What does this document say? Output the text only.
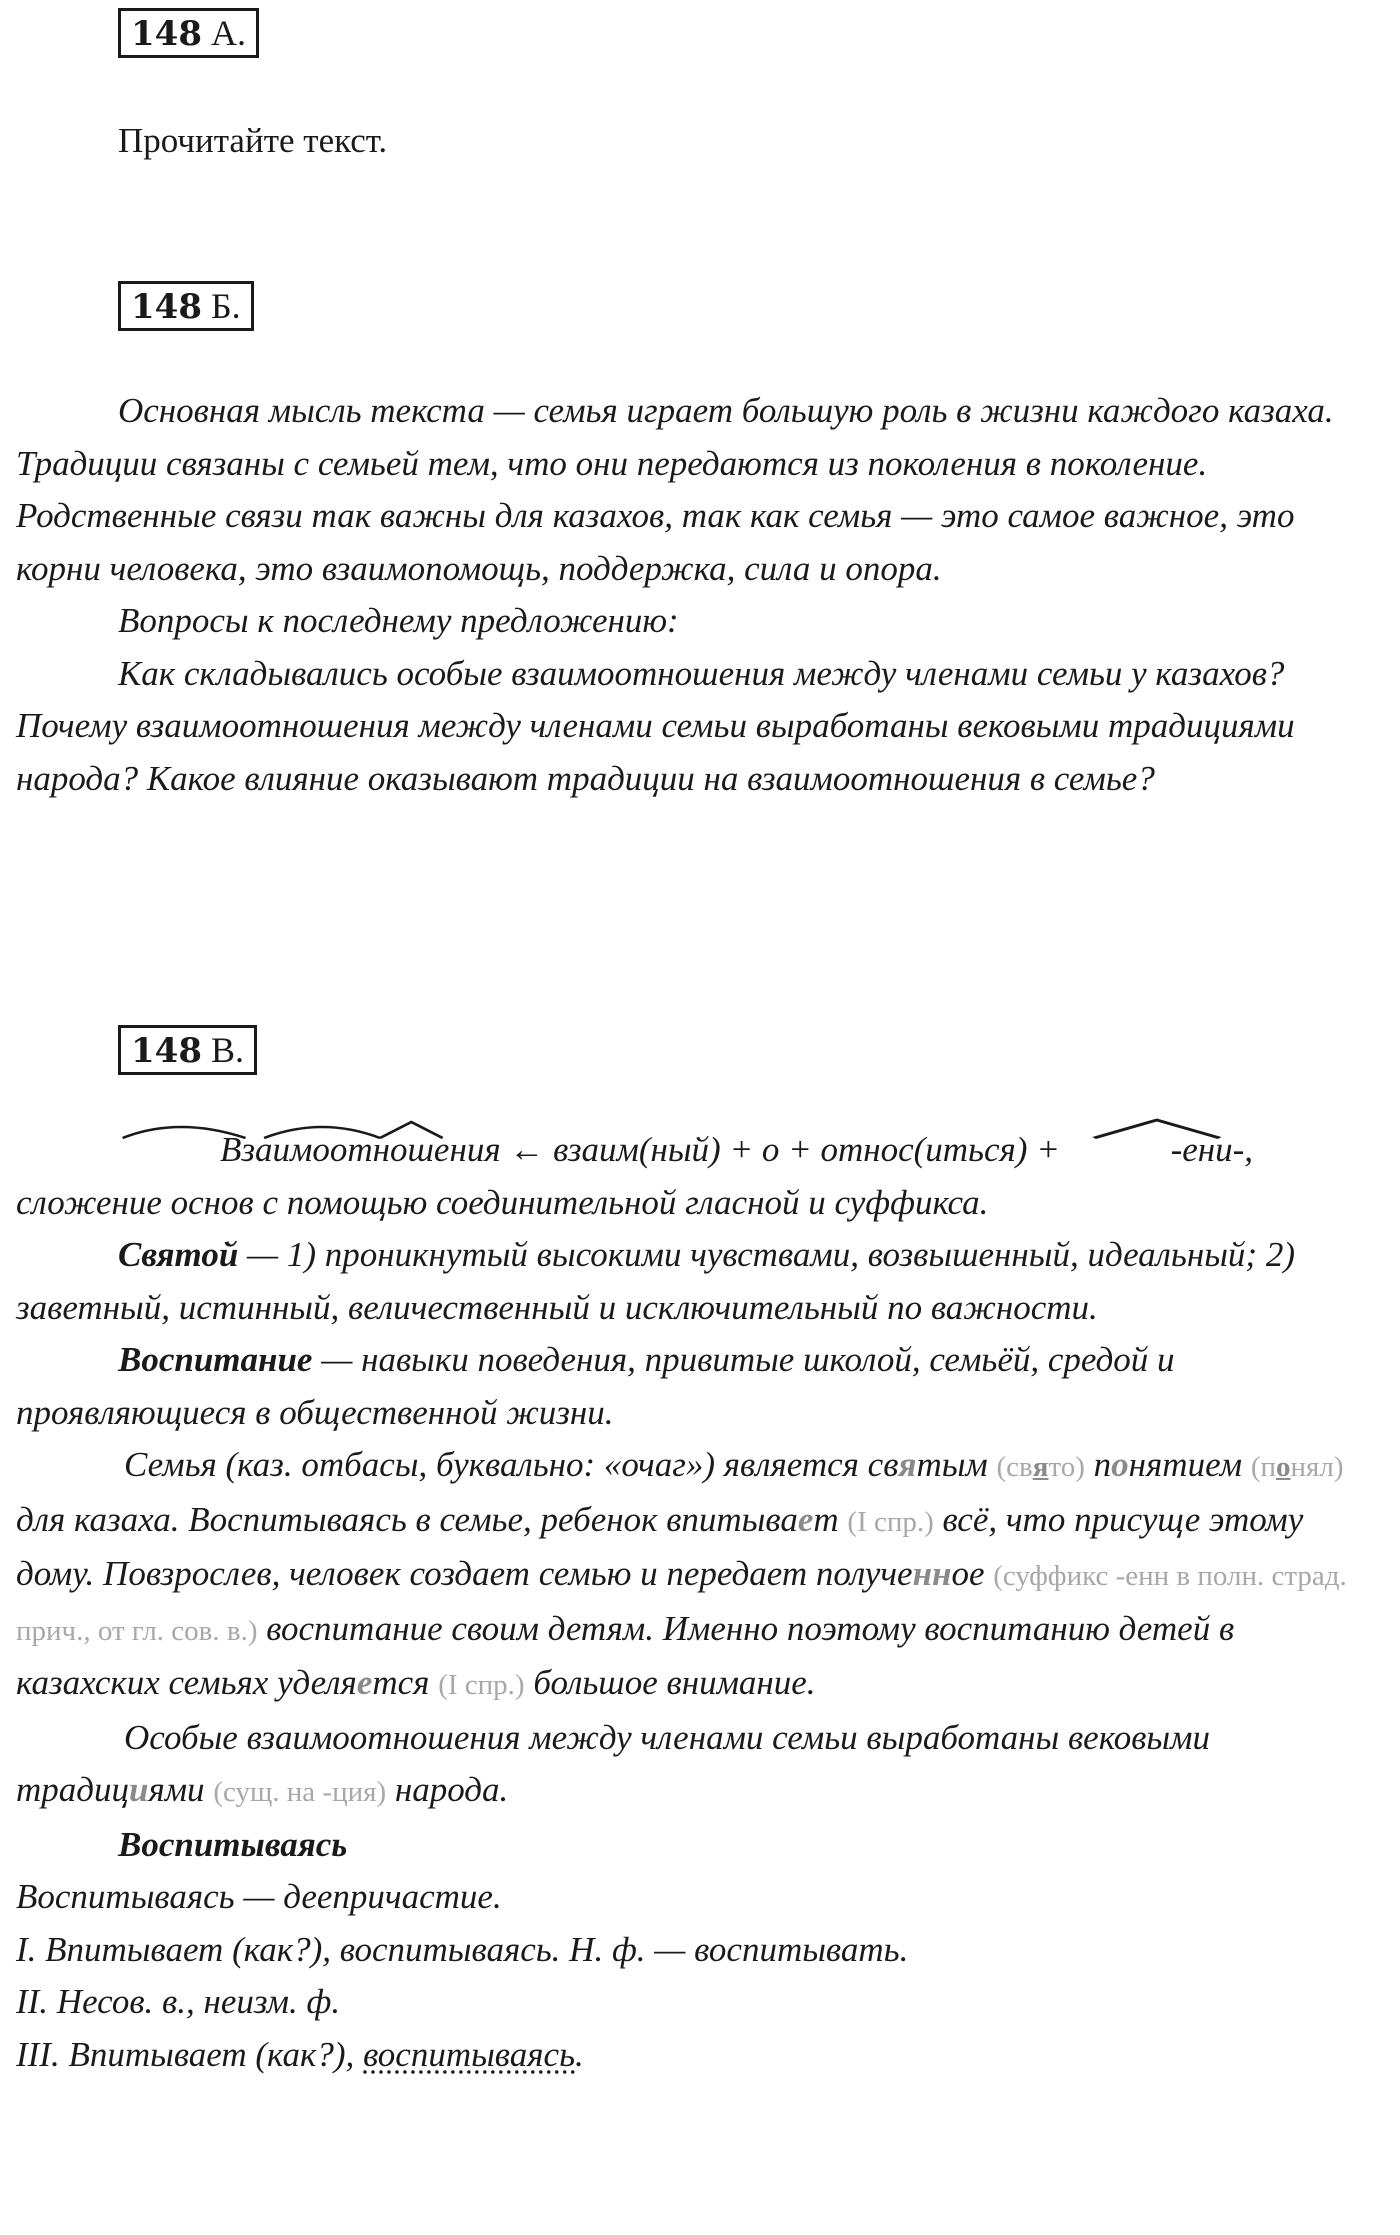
148 А.
Прочитайте текст.
148 Б.

Основная мысль текста — семья играет большую роль в жизни каждого казаха. Традиции связаны с семьей тем, что они передаются из поколения в поколение. Родственные связи так важны для казахов, так как семья — это самое важное, это корни человека, это взаимопомощь, поддержка, сила и опора.

Вопросы к последнему предложению:

Как складывались особые взаимоотношения между членами семьи у казахов? Почему взаимоотношения между членами семьи выработаны вековыми традициями народа? Какое влияние оказывают традиции на взаимоотношения в семье?

148 В.

Взаимоотношения ← взаим(ный) + о + относ(иться) +	-ени-, сложение основ с помощью соединительной гласной и суффикса.

Святой — 1) проникнутый высокими чувствами, возвышенный, идеальный; 2) заветный, истинный, величественный и исключительный по важности.

Воспитание — навыки поведения, привитые школой, семьёй, средой и проявляющиеся в общественной жизни.

Семья (каз. отбасы, буквально: «очаг») является святым (свято) понятием (понял) для казаха. Воспитываясь в семье, ребенок впитывает (I спр.) всё, что присуще этому дому. Повзрослев, человек создает семью и передает полученное (суффикс -енн в полн. страд. прич., от гл. сов. в.) воспитание своим детям. Именно поэтому воспитанию детей в казахских семьях уделяется (I спр.) большое внимание.

Особые взаимоотношения между членами семьи выработаны вековыми традициями (сущ. на -ция) народа.

Воспитываясь

Воспитываясь — деепричастие.

I. Впитывает (как?), воспитываясь. Н. ф. — воспитывать.

II. Несов. в., неизм. ф.

III. Впитывает (как?), воспитываясь.
